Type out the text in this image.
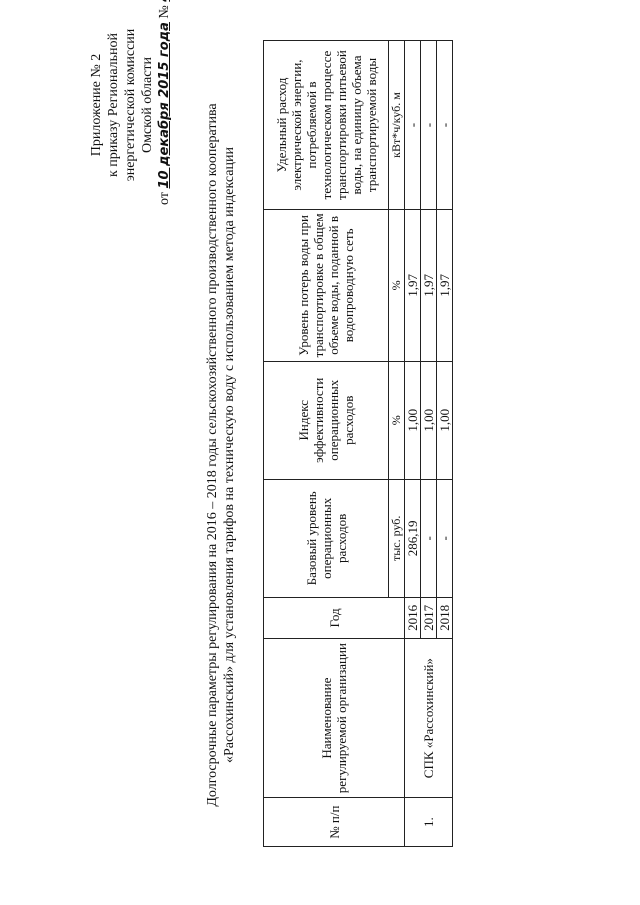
Приложение № 2 к приказу Региональной энергетической комиссии Омской области
от 10 декабря 2015 года №
Долгосрочные параметры регулирования на 2016 – 2018 годы сельскохозяйственного производственного кооператива «Рассохинский» для установления тарифов на техническую воду с использованием метода индексации
№ п/п	Наименование регулируемой организации	Год	Базовый уровень операционных расходов	Индекс эффективности операционных расходов	Уровень потерь воды при транспортировке в общем объеме воды, поданной в водопроводную сеть	Удельный расход электрической энергии, потребляемой в технологическом процессе транспортировки питьевой воды, на единицу объема транспортируемой воды
			тыс. руб.	%	%	кВт*ч/куб. м
1.	СПК «Рассохинский»	2016	286,19	1,00	1,97	-
		2017	-	1,00	1,97	-
		2018	-	1,00	1,97	-
